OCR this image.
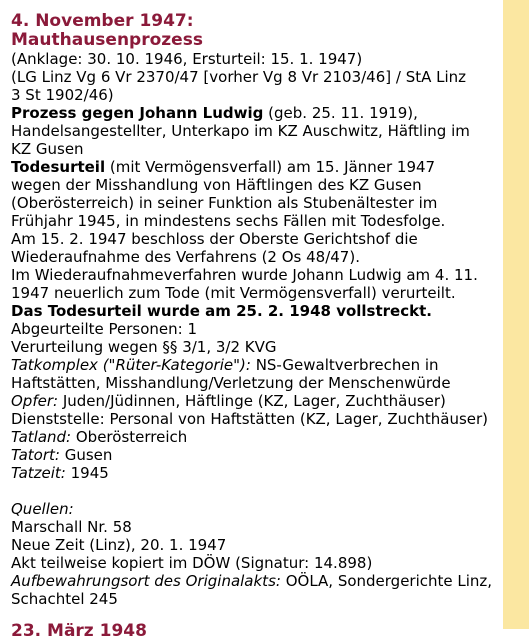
4. November 1947:
Mauthausenprozess
(Anklage: 30. 10. 1946, Ersturteil: 15. 1. 1947)
(LG Linz Vg 6 Vr 2370/47 [vorher Vg 8 Vr 2103/46] / StA Linz
3 St 1902/46)
Prozess gegen Johann Ludwig (geb. 25. 11. 1919),
Handelsangestellter, Unterkapo im KZ Auschwitz, Häftling im
KZ Gusen
Todesurteil (mit Vermögensverfall) am 15. Jänner 1947
wegen der Misshandlung von Häftlingen des KZ Gusen
(Oberösterreich) in seiner Funktion als Stubenältester im
Frühjahr 1945, in mindestens sechs Fällen mit Todesfolge.
Am 15. 2. 1947 beschloss der Oberste Gerichtshof die
Wiederaufnahme des Verfahrens (2 Os 48/47).
Im Wiederaufnahmeverfahren wurde Johann Ludwig am 4. 11.
1947 neuerlich zum Tode (mit Vermögensverfall) verurteilt.
Das Todesurteil wurde am 25. 2. 1948 vollstreckt.
Abgeurteilte Personen: 1
Verurteilung wegen §§ 3/1, 3/2 KVG
Tatkomplex ("Rüter-Kategorie"): NS-Gewaltverbrechen in
Haftstätten, Misshandlung/Verletzung der Menschenwürde
Opfer: Juden/Jüdinnen, Häftlinge (KZ, Lager, Zuchthäuser)
Dienststelle: Personal von Haftstätten (KZ, Lager, Zuchthäuser)
Tatland: Oberösterreich
Tatort: Gusen
Tatzeit: 1945
Quellen:
Marschall Nr. 58
Neue Zeit (Linz), 20. 1. 1947
Akt teilweise kopiert im DÖW (Signatur: 14.898)
Aufbewahrungsort des Originalakts: OÖLA, Sondergerichte Linz,
Schachtel 245
23. März 1948
